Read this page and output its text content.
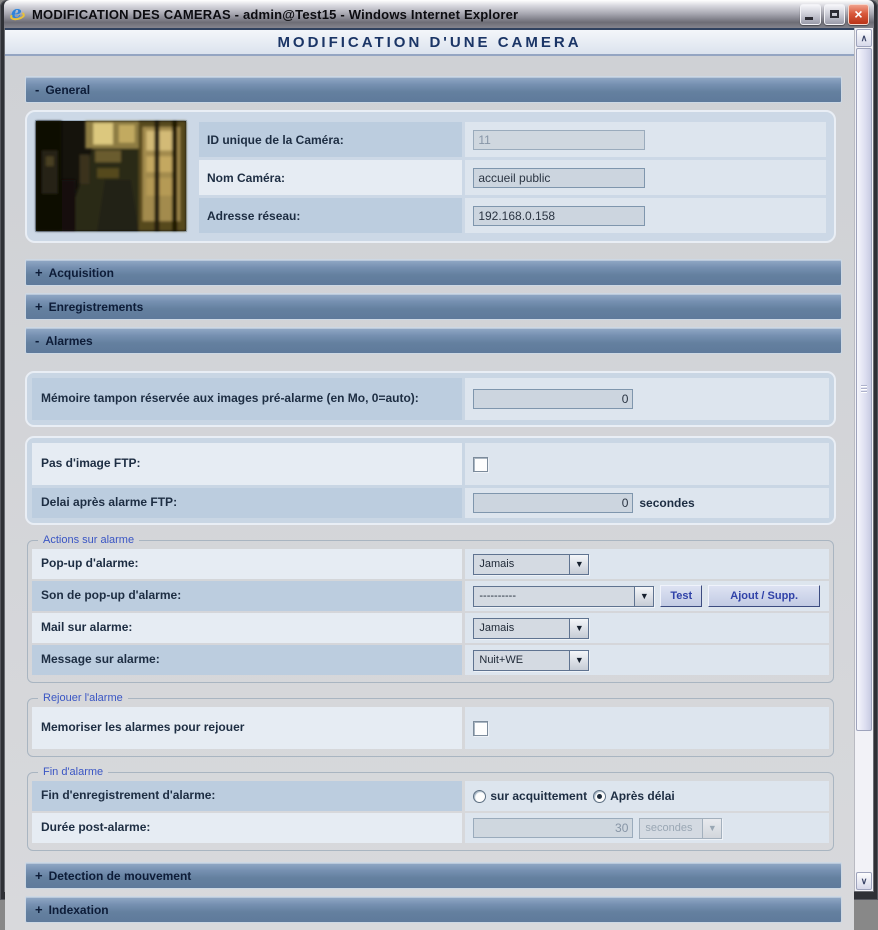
e MODIFICATION DES CAMERAS - admin@Test15 - Windows Internet Explorer	×
MODIFICATION D'UNE CAMERA
- General
ID unique de la Caméra:
11
Nom Caméra:
accueil public
Adresse réseau:
192.168.0.158
+ Acquisition
+ Enregistrements
- Alarmes
Mémoire tampon réservée aux images pré-alarme (en Mo, 0=auto):
0
Pas d'image FTP:
Delai après alarme FTP:
0	secondes
Actions sur alarme
Pop-up d'alarme:	Jamais	▼
Son de pop-up d'alarme:	----------	▼	Test	Ajout / Supp.
Mail sur alarme:	Jamais	▼
Message sur alarme:	Nuit+WE	▼
Rejouer l'alarme
Memoriser les alarmes pour rejouer
Fin d'alarme
Fin d'enregistrement d'alarme:	sur acquittement Après délai
Durée post-alarme:
30	secondes	▼
+ Detection de mouvement
+ Indexation
∧
∨
